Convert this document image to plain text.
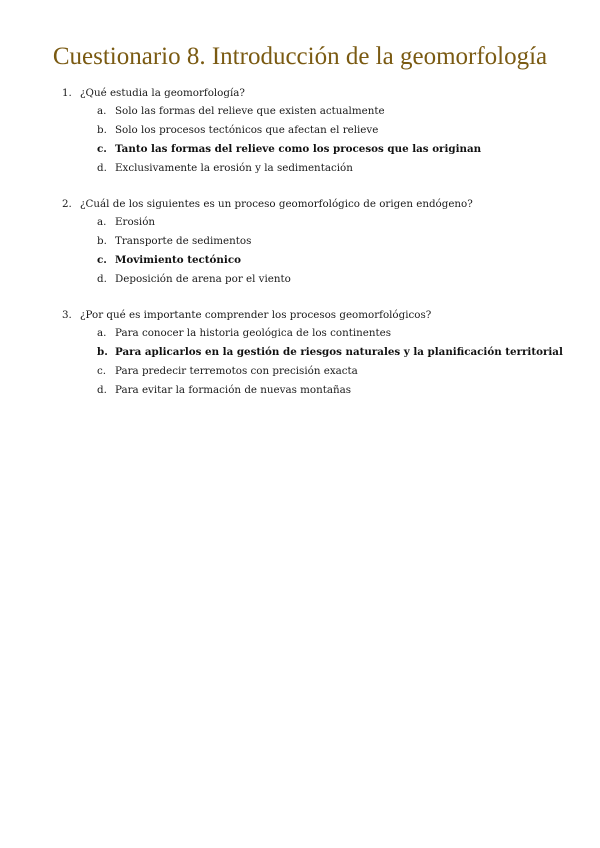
Cuestionario 8. Introducción de la geomorfología
1. ¿Qué estudia la geomorfología?
a. Solo las formas del relieve que existen actualmente
b. Solo los procesos tectónicos que afectan el relieve
c. Tanto las formas del relieve como los procesos que las originan
d. Exclusivamente la erosión y la sedimentación
2. ¿Cuál de los siguientes es un proceso geomorfológico de origen endógeno?
a. Erosión
b. Transporte de sedimentos
c. Movimiento tectónico
d. Deposición de arena por el viento
3. ¿Por qué es importante comprender los procesos geomorfológicos?
a. Para conocer la historia geológica de los continentes
b. Para aplicarlos en la gestión de riesgos naturales y la planificación territorial
c. Para predecir terremotos con precisión exacta
d. Para evitar la formación de nuevas montañas
